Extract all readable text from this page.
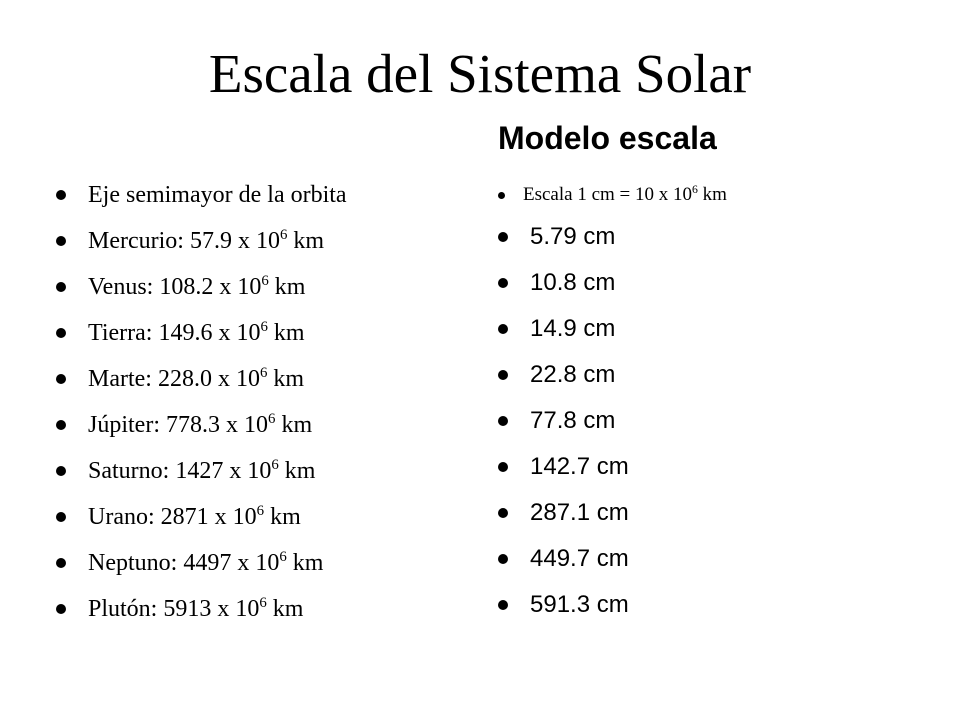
Escala del Sistema Solar
Modelo escala
Eje semimayor de la orbita
Mercurio: 57.9 x $10^6$ km
Venus: 108.2 x $10^6$ km
Tierra: 149.6 x $10^6$ km
Marte: 228.0 x $10^6$ km
Júpiter: 778.3 x $10^6$ km
Saturno: 1427 x $10^6$ km
Urano: 2871 x $10^6$ km
Neptuno: 4497 x $10^6$ km
Plutón: 5913 x $10^6$ km
Escala 1 cm = 10 x $10^6$ km
5.79 cm
10.8 cm
14.9 cm
22.8 cm
77.8 cm
142.7 cm
287.1 cm
449.7 cm
591.3 cm
